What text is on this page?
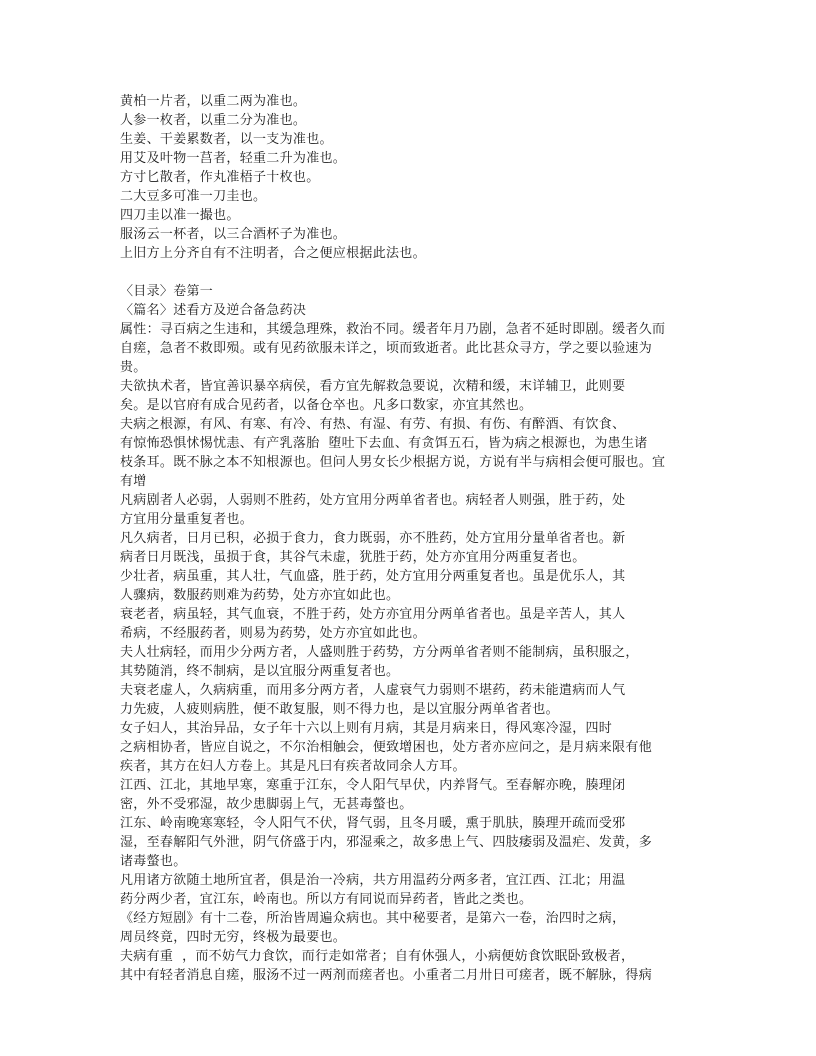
黄柏一片者，以重二两为准也。
人参一枚者，以重二分为准也。
生姜、干姜累数者，以一支为准也。
用艾及叶物一莒者，轻重二升为准也。
方寸匕散者，作丸准梧子十枚也。
二大豆多可准一刀圭也。
四刀圭以准一撮也。
服汤云一杯者，以三合酒杯子为准也。
上旧方上分齐自有不注明者，合之便应根据此法也。
〈目录〉卷第一
〈篇名〉述看方及逆合备急药决
属性：寻百病之生违和，其缓急理殊，救治不同。缓者年月乃剧，急者不延时即剧。缓者久而
自瘥，急者不救即殒。或有见药欲服未详之，顷而致逝者。此比甚众寻方，学之要以验速为
贵。
夫欲执术者，皆宜善识暴卒病侯，看方宜先解救急要说，次精和缓，末详辅卫，此则要
矣。是以官府有成合见药者，以备仓卒也。凡多口数家，亦宜其然也。
夫病之根源，有风、有寒、有冷、有热、有湿、有劳、有损、有伤、有醉酒、有饮食、
有惊怖恐惧怵惕忧恚、有产乳落胎  堕吐下去血、有贪饵五石，皆为病之根源也，为患生诸
枝条耳。既不脉之本不知根源也。但问人男女长少根据方说，方说有半与病相会便可服也。宜
有增
凡病剧者人必弱，人弱则不胜药，处方宜用分两单省者也。病轻者人则强，胜于药，处
方宜用分量重复者也。
凡久病者，日月已积，必损于食力，食力既弱，亦不胜药，处方宜用分量单省者也。新
病者日月既浅，虽损于食，其谷气未虚，犹胜于药，处方亦宜用分两重复者也。
少壮者，病虽重，其人壮，气血盛，胜于药，处方宜用分两重复者也。虽是优乐人，其
人骤病，数服药则难为药势，处方亦宜如此也。
衰老者，病虽轻，其气血衰，不胜于药，处方亦宜用分两单省者也。虽是辛苦人，其人
希病，不经服药者，则易为药势，处方亦宜如此也。
夫人壮病轻，而用少分两方者，人盛则胜于药势，方分两单省者则不能制病，虽积服之，
其势随消，终不制病，是以宜服分两重复者也。
夫衰老虚人，久病病重，而用多分两方者，人虚衰气力弱则不堪药，药未能遣病而人气
力先疲，人疲则病胜，便不敢复服，则不得力也，是以宜服分两单省者也。
女子妇人，其治异品，女子年十六以上则有月病，其是月病来日，得风寒冷湿，四时
之病相协者，皆应自说之，不尔治相触会，便致增困也，处方者亦应问之，是月病来限有他
疾者，其方在妇人方卷上。其是凡曰有疾者故同余人方耳。
江西、江北，其地早寒，寒重于江东，令人阳气早伏，内养肾气。至春解亦晚，腠理闭
密，外不受邪湿，故少患脚弱上气，无甚毒螫也。
江东、岭南晚寒寒轻，令人阳气不伏，肾气弱，且冬月暖，熏于肌肤，腠理开疏而受邪
湿，至春解阳气外泄，阴气侪盛于内，邪湿乘之，故多患上气、四肢痿弱及温疟、发黄，多
诸毒螫也。
凡用诸方欲随土地所宜者，俱是治一冷病，共方用温药分两多者，宜江西、江北；用温
药分两少者，宜江东，岭南也。所以方有同说而异药者，皆此之类也。
《经方短剧》有十二卷，所治皆周遍众病也。其中秘要者，是第六一卷，治四时之病，
周员终竟，四时无穷，终极为最要也。
夫病有重  ，而不妨气力食饮，而行走如常者；自有休强人，小病便妨食饮眠卧致极者，
其中有轻者消息自瘥，服汤不过一两剂而瘥者也。小重者二月卅日可瘥者，既不解脉，得病
